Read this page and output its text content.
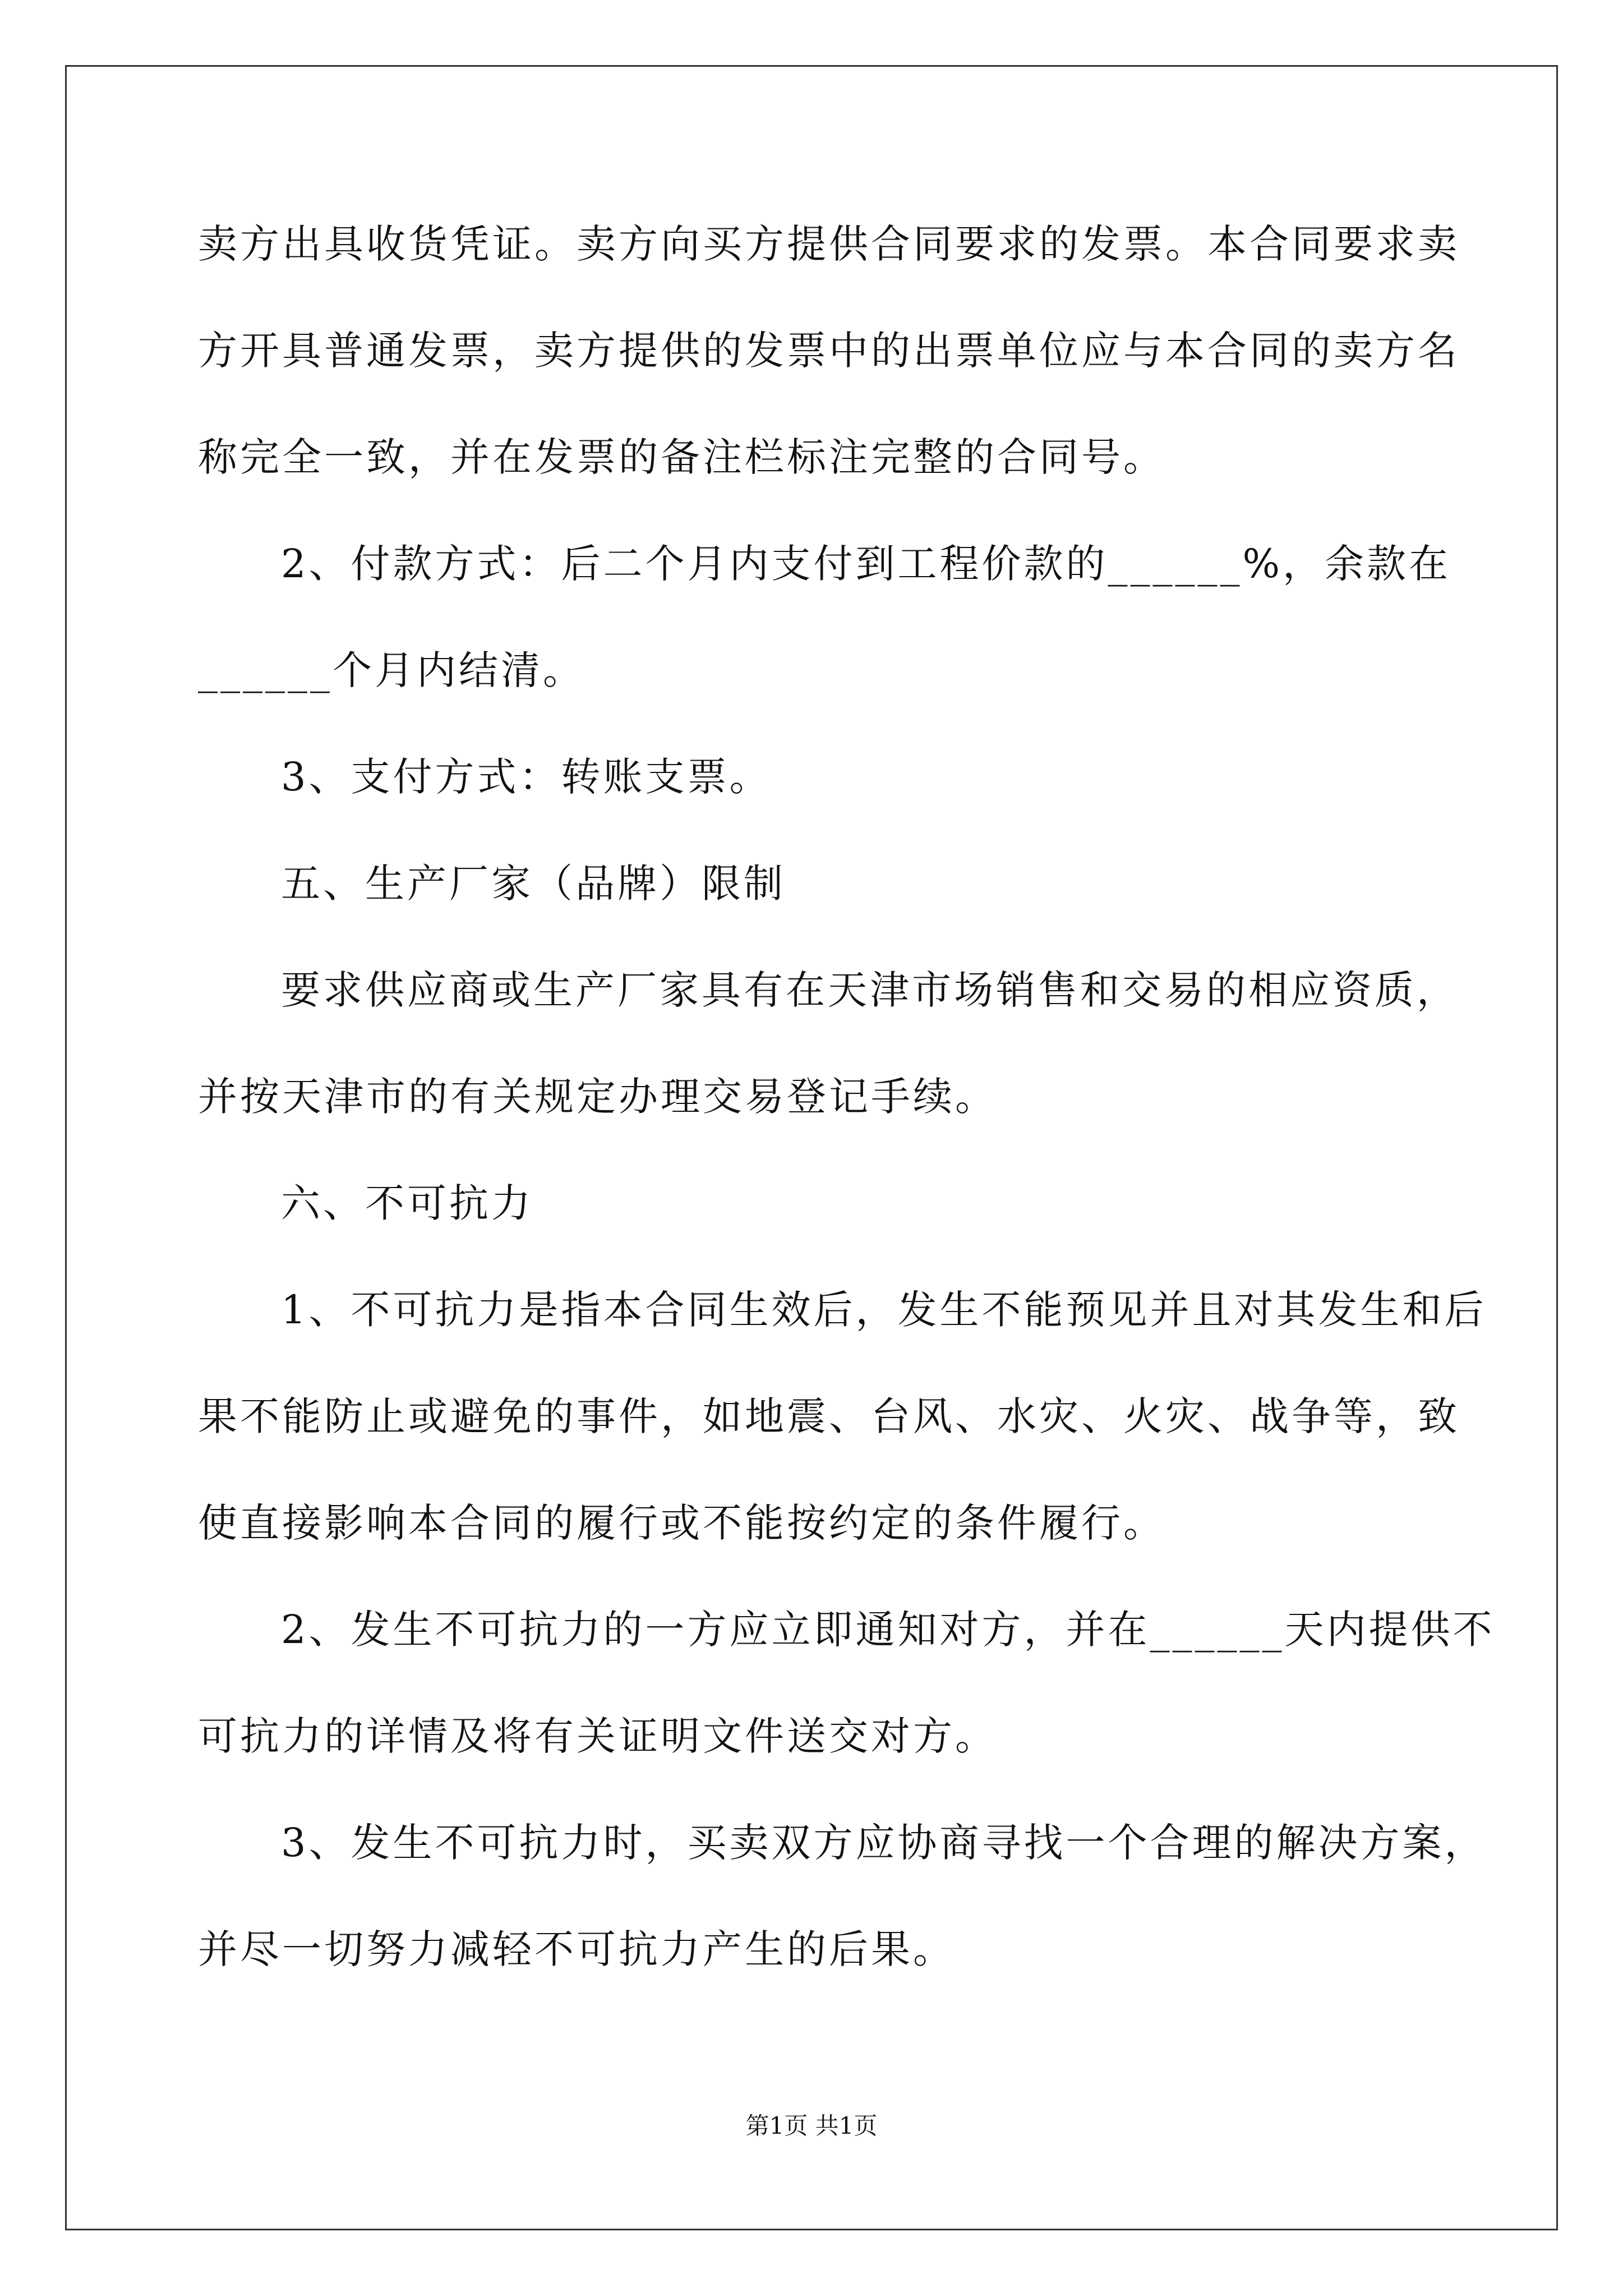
卖方出具收货凭证。卖方向买方提供合同要求的发票。本合同要求卖
方开具普通发票，卖方提供的发票中的出票单位应与本合同的卖方名
称完全一致，并在发票的备注栏标注完整的合同号。
2、付款方式：后二个月内支付到工程价款的______%，余款在
______个月内结清。
3、支付方式：转账支票。
五、生产厂家（品牌）限制
要求供应商或生产厂家具有在天津市场销售和交易的相应资质，
并按天津市的有关规定办理交易登记手续。
六、不可抗力
1、不可抗力是指本合同生效后，发生不能预见并且对其发生和后
果不能防止或避免的事件，如地震、台风、水灾、火灾、战争等，致
使直接影响本合同的履行或不能按约定的条件履行。
2、发生不可抗力的一方应立即通知对方，并在______天内提供不
可抗力的详情及将有关证明文件送交对方。
3、发生不可抗力时，买卖双方应协商寻找一个合理的解决方案，
并尽一切努力减轻不可抗力产生的后果。
第1页 共1页
